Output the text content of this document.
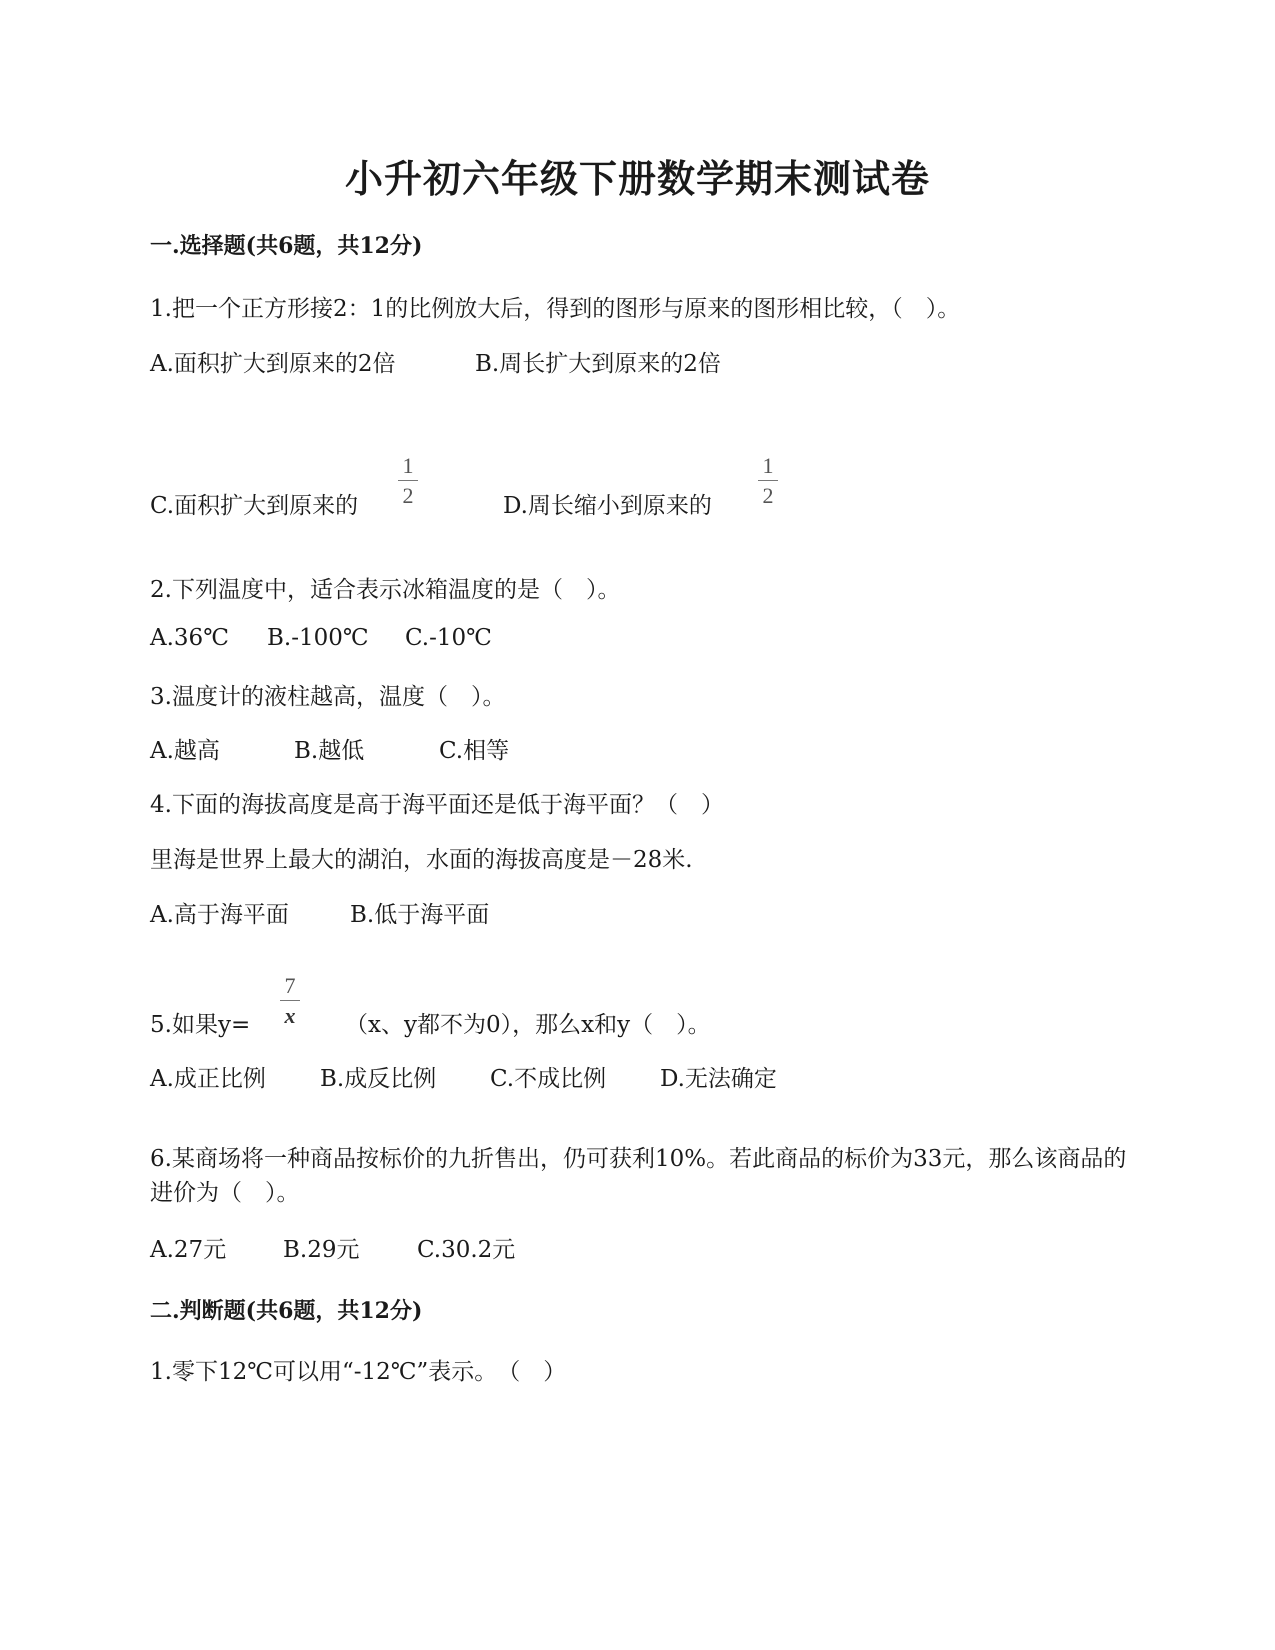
小升初六年级下册数学期末测试卷
一.选择题(共6题，共12分)
1.把一个正方形接2：1的比例放大后，得到的图形与原来的图形相比较，（　）。
A.面积扩大到原来的2倍	B.周长扩大到原来的2倍
C.面积扩大到原来的
1
2	D.周长缩小到原来的
1
2
2.下列温度中，适合表示冰箱温度的是（　）。
A.36℃ B.-100℃ C.-10℃
3.温度计的液柱越高，温度（　）。
A.越高	B.越低	C.相等
4.下面的海拔高度是高于海平面还是低于海平面？（　）
里海是世界上最大的湖泊，水面的海拔高度是－28米.
A.高于海平面	B.低于海平面
5.如果y=
7
x （x、y都不为0），那么x和y（　）。
A.成正比例 B.成反比例 C.不成比例 D.无法确定
6.某商场将一种商品按标价的九折售出，仍可获利10%。若此商品的标价为33元，那么该商品的进价为（　）。
A.27元 B.29元	C.30.2元
二.判断题(共6题，共12分)
1.零下12℃可以用“-12℃”表示。　（　）
